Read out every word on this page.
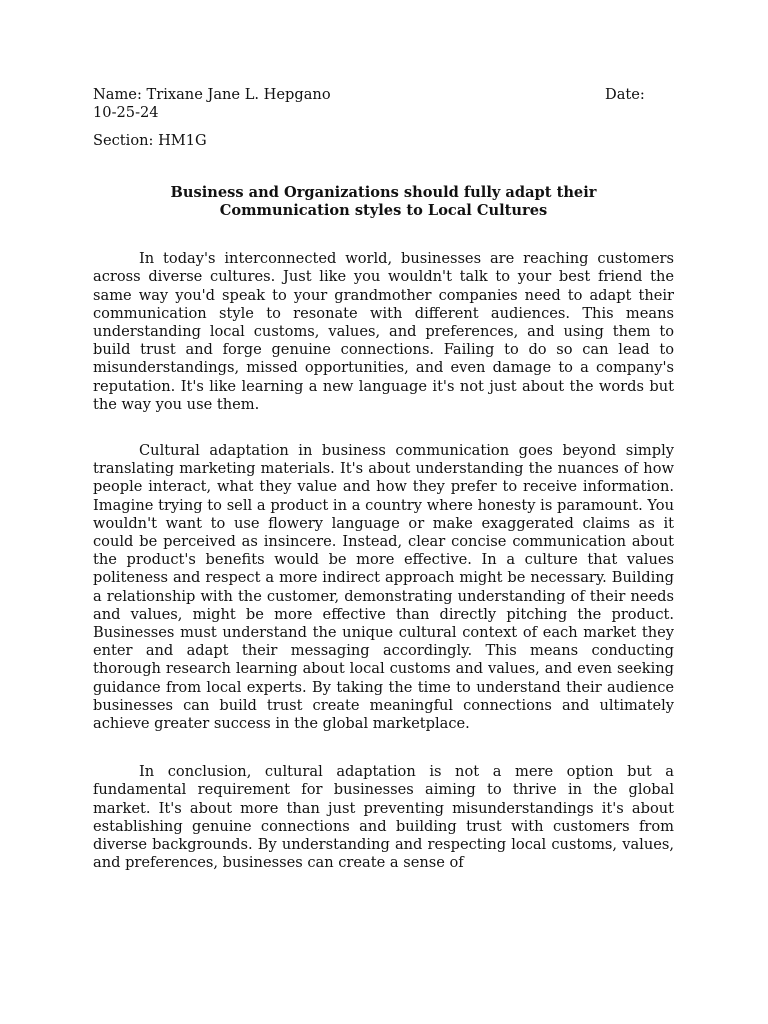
Name: Trixane Jane L. Hepgano	Date:
10-25-24
Section: HM1G
Business and Organizations should fully adapt their
Communication styles to Local Cultures

In today's interconnected world, businesses are reaching customers across diverse cultures. Just like you wouldn't talk to your best friend the same way you'd speak to your grandmother companies need to adapt their communication style to resonate with different audiences. This means understanding local customs, values, and preferences, and using them to build trust and forge genuine connections. Failing to do so can lead to misunderstandings, missed opportunities, and even damage to a company's reputation. It's like learning a new language it's not just about the words but the way you use them.

Cultural adaptation in business communication goes beyond simply translating marketing materials. It's about understanding the nuances of how people interact, what they value and how they prefer to receive information. Imagine trying to sell a product in a country where honesty is paramount. You wouldn't want to use flowery language or make exaggerated claims as it could be perceived as insincere. Instead, clear concise communication about the product's benefits would be more effective. In a culture that values politeness and respect a more indirect approach might be necessary. Building a relationship with the customer, demonstrating understanding of their needs and values, might be more effective than directly pitching the product. Businesses must understand the unique cultural context of each market they enter and adapt their messaging accordingly. This means conducting thorough research learning about local customs and values, and even seeking guidance from local experts. By taking the time to understand their audience businesses can build trust create meaningful connections and ultimately achieve greater success in the global marketplace.

In conclusion, cultural adaptation is not a mere option but a fundamental requirement for businesses aiming to thrive in the global market. It's about more than just preventing misunderstandings it's about establishing genuine connections and building trust with customers from diverse backgrounds. By understanding and respecting local customs, values, and preferences, businesses can create a sense of
